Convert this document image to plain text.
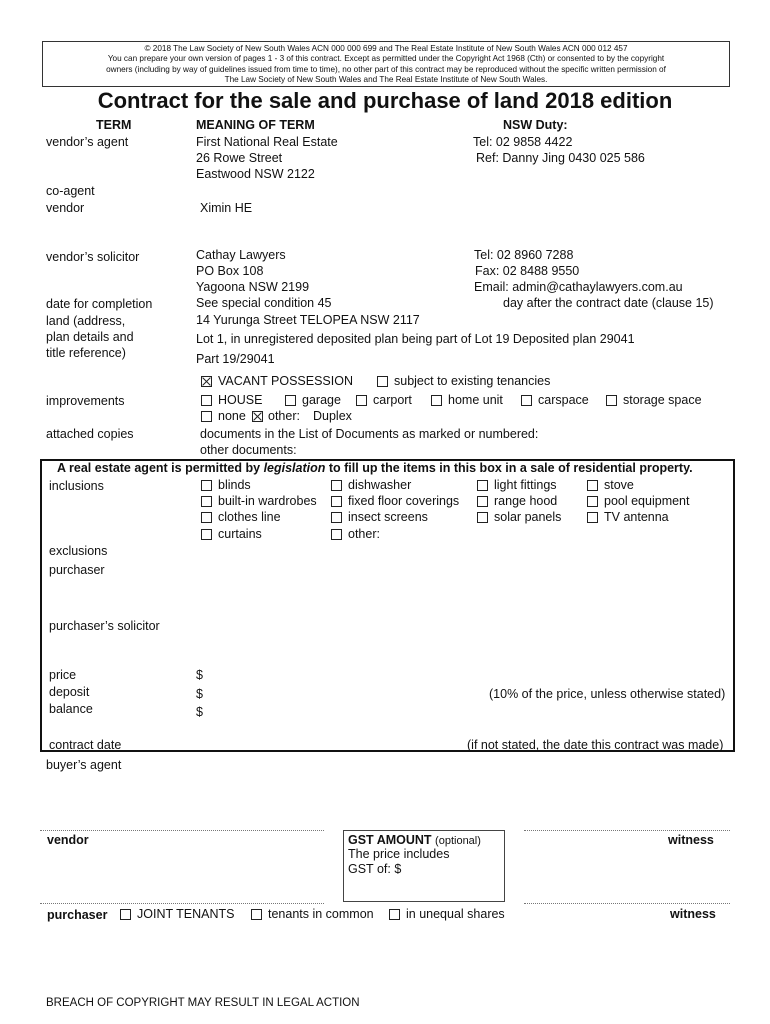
© 2018 The Law Society of New South Wales ACN 000 000 699 and The Real Estate Institute of New South Wales ACN 000 012 457
You can prepare your own version of pages 1 - 3 of this contract. Except as permitted under the Copyright Act 1968 (Cth) or consented to by the copyright
owners (including by way of guidelines issued from time to time), no other part of this contract may be reproduced without the specific written permission of
The Law Society of New South Wales and The Real Estate Institute of New South Wales.
Contract for the sale and purchase of land 2018 edition
TERM	MEANING OF TERM	NSW Duty:
vendor’s agent	First National Real Estate
26 Rowe Street
Eastwood NSW 2122
Tel: 02 9858 4422
Ref: Danny Jing 0430 025 586
co-agent
vendor	Ximin HE
vendor’s solicitor	Cathay Lawyers
PO Box 108
Yagoona NSW 2199
Tel: 02 8960 7288
Fax: 02 8488 9550
Email: admin@cathaylawyers.com.au
date for completion	See special condition 45	day after the contract date (clause 15)
land (address,
plan details and
title reference)
14 Yurunga Street TELOPEA NSW 2117
Lot 1, in unregistered deposited plan being part of Lot 19 Deposited plan 29041
Part 19/29041
VACANT POSSESSION	subject to existing tenancies
improvements	HOUSE	garage	carport	home unit	carspace	storage space
none other: Duplex
attached copies	documents in the List of Documents as marked or numbered:
other documents:
A real estate agent is permitted by legislation to fill up the items in this box in a sale of residential property.
inclusions	blinds	dishwasher	light fittings	stove
built-in wardrobes	fixed floor coverings	range hood	pool equipment
clothes line	insect screens	solar panels	TV antenna
curtains	other:
exclusions
purchaser
purchaser’s solicitor
price	$
deposit	$	(10% of the price, unless otherwise stated)
balance	$
contract date	(if not stated, the date this contract was made)
buyer’s agent
vendor	GST AMOUNT (optional)
The price includes
GST of: $
witness
purchaser JOINT TENANTS	tenants in common	in unequal shares	witness
BREACH OF COPYRIGHT MAY RESULT IN LEGAL ACTION
